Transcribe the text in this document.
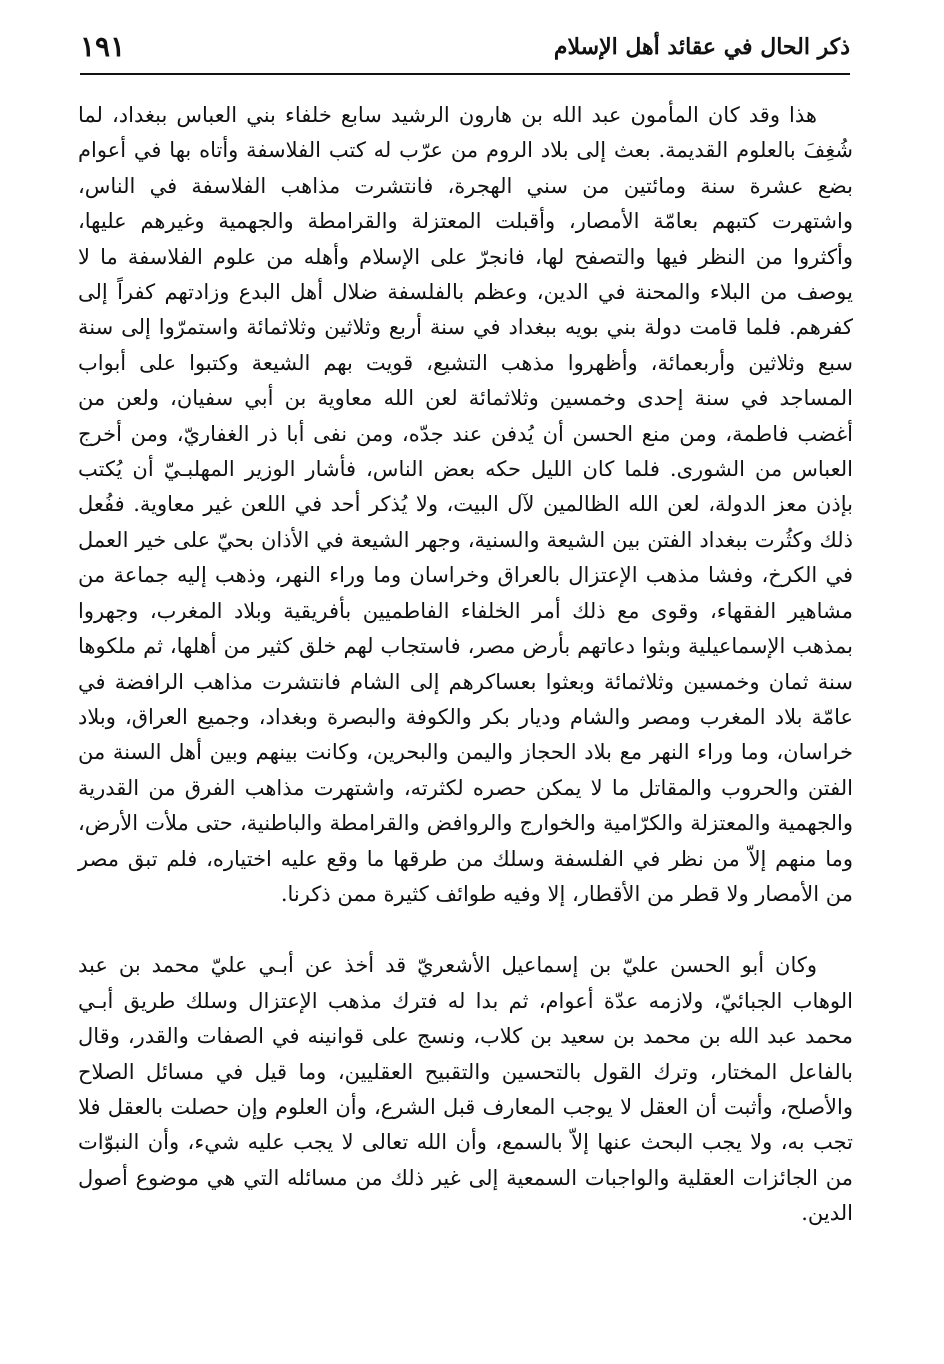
ذكر الحال في عقائد أهل الإسلام
١٩١

هذا وقد كان المأمون عبد الله بن هارون الرشيد سابع خلفاء بني العباس ببغداد، لما شُغِفَ بالعلوم القديمة. بعث إلى بلاد الروم من عرّب له كتب الفلاسفة وأتاه بها في أعوام بضع عشرة سنة ومائتين من سني الهجرة، فانتشرت مذاهب الفلاسفة في الناس، واشتهرت كتبهم بعامّة الأمصار، وأقبلت المعتزلة والقرامطة والجهمية وغيرهم عليها، وأكثروا من النظر فيها والتصفح لها، فانجرّ على الإسلام وأهله من علوم الفلاسفة ما لا يوصف من البلاء والمحنة في الدين، وعظم بالفلسفة ضلال أهل البدع وزادتهم كفراً إلى كفرهم. فلما قامت دولة بني بويه ببغداد في سنة أربع وثلاثين وثلاثمائة واستمرّوا إلى سنة سبع وثلاثين وأربعمائة، وأظهروا مذهب التشيع، قويت بهم الشيعة وكتبوا على أبواب المساجد في سنة إحدى وخمسين وثلاثمائة لعن الله معاوية بن أبي سفيان، ولعن من أغضب فاطمة، ومن منع الحسن أن يُدفن عند جدّه، ومن نفى أبا ذر الغفاريّ، ومن أخرج العباس من الشورى. فلما كان الليل حكه بعض الناس، فأشار الوزير المهلبـيّ أن يُكتب بإذن معز الدولة، لعن الله الظالمين لآل البيت، ولا يُذكر أحد في اللعن غير معاوية. ففُعل ذلك وكثُرت ببغداد الفتن بين الشيعة والسنية، وجهر الشيعة في الأذان بحيّ على خير العمل في الكرخ، وفشا مذهب الإعتزال بالعراق وخراسان وما وراء النهر، وذهب إليه جماعة من مشاهير الفقهاء، وقوى مع ذلك أمر الخلفاء الفاطميين بأفريقية وبلاد المغرب، وجهروا بمذهب الإسماعيلية وبثوا دعاتهم بأرض مصر، فاستجاب لهم خلق كثير من أهلها، ثم ملكوها سنة ثمان وخمسين وثلاثمائة وبعثوا بعساكرهم إلى الشام فانتشرت مذاهب الرافضة في عامّة بلاد المغرب ومصر والشام وديار بكر والكوفة والبصرة وبغداد، وجميع العراق، وبلاد خراسان، وما وراء النهر مع بلاد الحجاز واليمن والبحرين، وكانت بينهم وبين أهل السنة من الفتن والحروب والمقاتل ما لا يمكن حصره لكثرته، واشتهرت مذاهب الفرق من القدرية والجهمية والمعتزلة والكرّامية والخوارج والروافض والقرامطة والباطنية، حتى ملأت الأرض، وما منهم إلاّ من نظر في الفلسفة وسلك من طرقها ما وقع عليه اختياره، فلم تبق مصر من الأمصار ولا قطر من الأقطار، إلا وفيه طوائف كثيرة ممن ذكرنا.

وكان أبو الحسن عليّ بن إسماعيل الأشعريّ قد أخذ عن أبـي عليّ محمد بن عبد الوهاب الجبائيّ، ولازمه عدّة أعوام، ثم بدا له فترك مذهب الإعتزال وسلك طريق أبـي محمد عبد الله بن محمد بن سعيد بن كلاب، ونسج على قوانينه في الصفات والقدر، وقال بالفاعل المختار، وترك القول بالتحسين والتقبيح العقليين، وما قيل في مسائل الصلاح والأصلح، وأثبت أن العقل لا يوجب المعارف قبل الشرع، وأن العلوم وإن حصلت بالعقل فلا تجب به، ولا يجب البحث عنها إلاّ بالسمع، وأن الله تعالى لا يجب عليه شيء، وأن النبوّات من الجائزات العقلية والواجبات السمعية إلى غير ذلك من مسائله التي هي موضوع أصول الدين.
